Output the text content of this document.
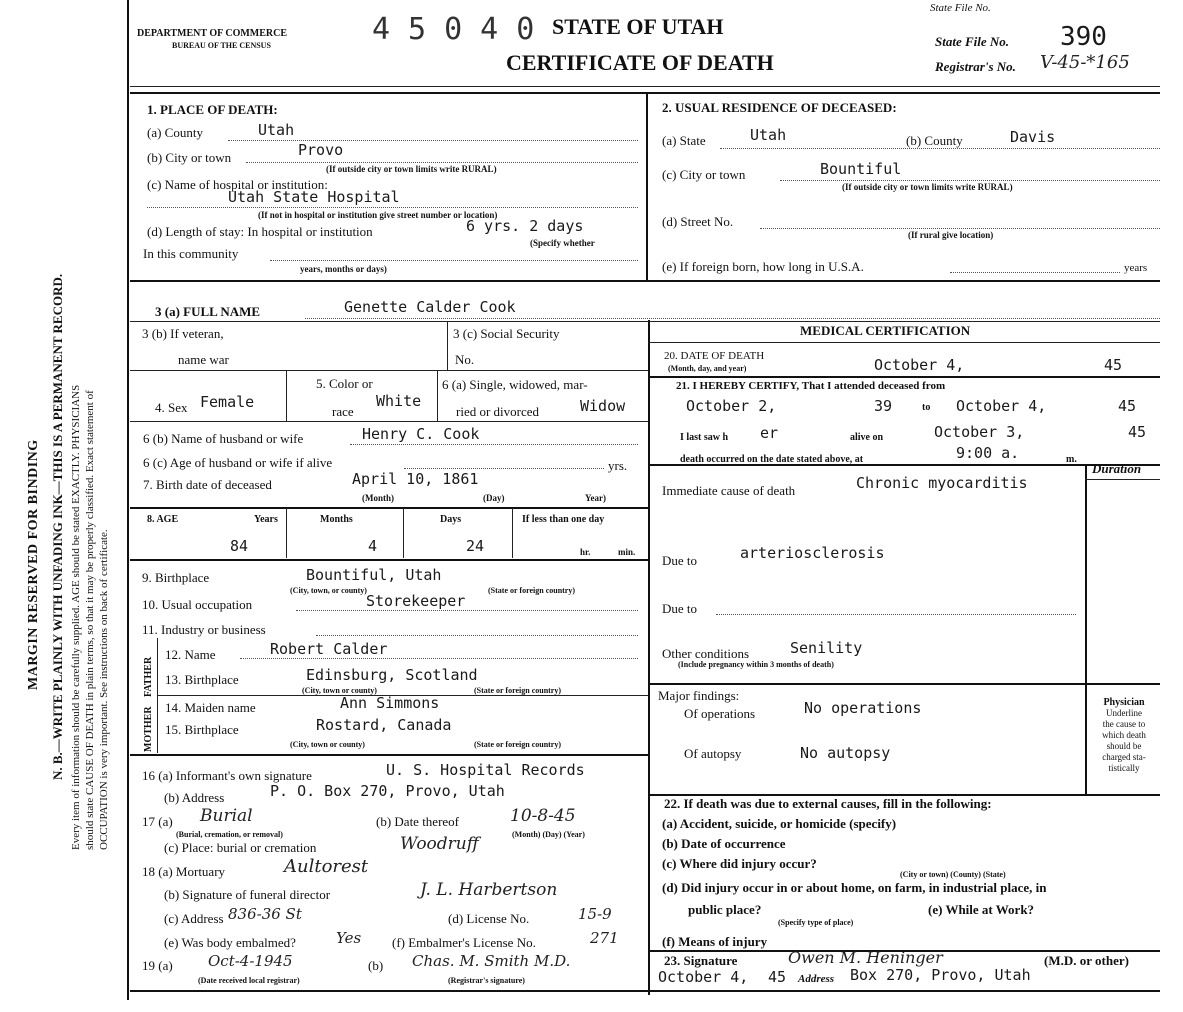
MARGIN RESERVED FOR BINDING N. B.—WRITE PLAINLY WITH UNFADING INK—THIS IS A PERMANENT RECORD. Every item of information should be carefully supplied. AGE should be stated EXACTLY. PHYSICIANS should state CAUSE OF DEATH in plain terms, so that it may be properly classified. Exact statement of OCCUPATION is very important. See instructions on back of certificate.
DEPARTMENT OF COMMERCE
BUREAU OF THE CENSUS	45040 STATE OF UTAH
CERTIFICATE OF DEATH
State File No. 390
Registrar's No. V-45-*165
State File No.
1. PLACE OF DEATH:
(a) County	Utah
(b) City or town	Provo
(If outside city or town limits write RURAL)
(c) Name of hospital or institution:
Utah State Hospital
(If not in hospital or institution give street number or location)
(d) Length of stay: In hospital or institution	6 yrs. 2 days
(Specify whether
In this community
years, months or days)
2. USUAL RESIDENCE OF DECEASED:
(a) State	Utah	(b) County	Davis
(c) City or town	Bountiful
(If outside city or town limits write RURAL)
(d) Street No.
(If rural give location)
(e) If foreign born, how long in U.S.A.	years
3 (a) FULL NAME	Genette Calder Cook
3 (b) If veteran,
name war
3 (c) Social Security
No.
MEDICAL CERTIFICATION
4. Sex Female
5. Color or
race
White
6 (a) Single, widowed, mar-
ried or divorced	Widow
6 (b) Name of husband or wife	Henry C. Cook
6 (c) Age of husband or wife if alive	yrs.
7. Birth date of deceased	April 10, 1861
(Month)	(Day)	Year)
8. AGE	Years	Months	Days	If less than one day
84	4	24	hr.	min.
9. Birthplace	Bountiful, Utah
(City, town, or county)	(State or foreign country)
10. Usual occupation	Storekeeper
11. Industry or business
FATHER
MOTHER
12. Name	Robert Calder
13. Birthplace	Edinsburg, Scotland
(City, town or county)	(State or foreign country)
14. Maiden name	Ann Simmons
15. Birthplace	Rostard, Canada
(City, town or county)	(State or foreign country)
16 (a) Informant's own signature	U. S. Hospital Records
(b) Address	P. O. Box 270, Provo, Utah
17 (a) Burial
(Burial, cremation, or removal)
(b) Date thereof	10-8-45
(Month) (Day) (Year)
(c) Place: burial or cremation	Woodruff
18 (a) Mortuary	Aultorest
(b) Signature of funeral director	J. L. Harbertson
(c) Address 836-36 St	(d) License No.	15-9
(e) Was body embalmed?	Yes (f) Embalmer's License No.	271
19 (a) Oct-4-1945
(Date received local registrar)
(b) Chas. M. Smith M.D.
(Registrar's signature)
20. DATE OF DEATH
(Month, day, and year)	October 4,	45
21. I HEREBY CERTIFY, That I attended deceased from
October 2,	39	to October 4,	45
I last saw h er	alive on	October 3,	45
death occurred on the date stated above, at	9:00 a.	m.
Duration
Immediate cause of death	Chronic myocarditis
Due to	arteriosclerosis
Due to
Other conditions	Senility
(Include pregnancy within 3 months of death)
Major findings:
Of operations	No operations
Of autopsy	No autopsy
Physician
Underline
the cause to
which death
should be
charged sta-
tistically
22. If death was due to external causes, fill in the following:
(a) Accident, suicide, or homicide (specify)
(b) Date of occurrence
(c) Where did injury occur?
(City or town) (County) (State)
(d) Did injury occur in or about home, on farm, in industrial place, in
public place?	(e) While at Work?
(Specify type of place)
(f) Means of injury
23. Signature	Owen M. Heninger	(M.D. or other)
October 4, 45 Address Box 270, Provo, Utah
